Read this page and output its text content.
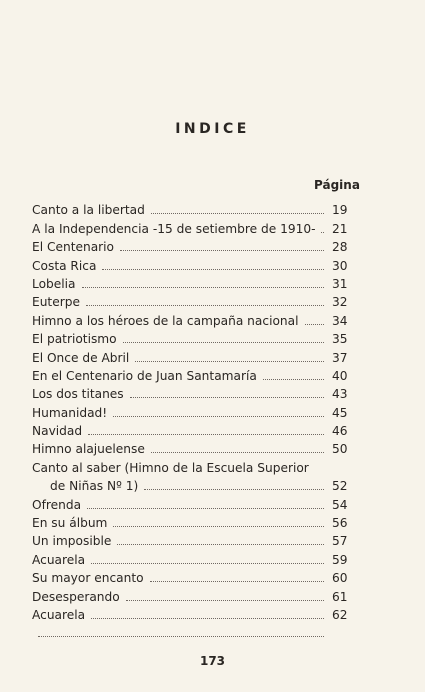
INDICE
Página
Canto a la libertad	19
A la Independencia -15 de setiembre de 1910- 21
El Centenario	28
Costa Rica	30
Lobelia	31
Euterpe	32
Himno a los héroes de la campaña nacional	34
El patriotismo	35
El Once de Abril	37
En el Centenario de Juan Santamaría	40
Los dos titanes	43
Humanidad!	45
Navidad	46
Himno alajuelense	50
Canto al saber (Himno de la Escuela Superior
de Niñas Nº 1)	52
Ofrenda	54
En su álbum	56
Un imposible	57
Acuarela	59
Su mayor encanto	60
Desesperando	61
Acuarela	62
173
